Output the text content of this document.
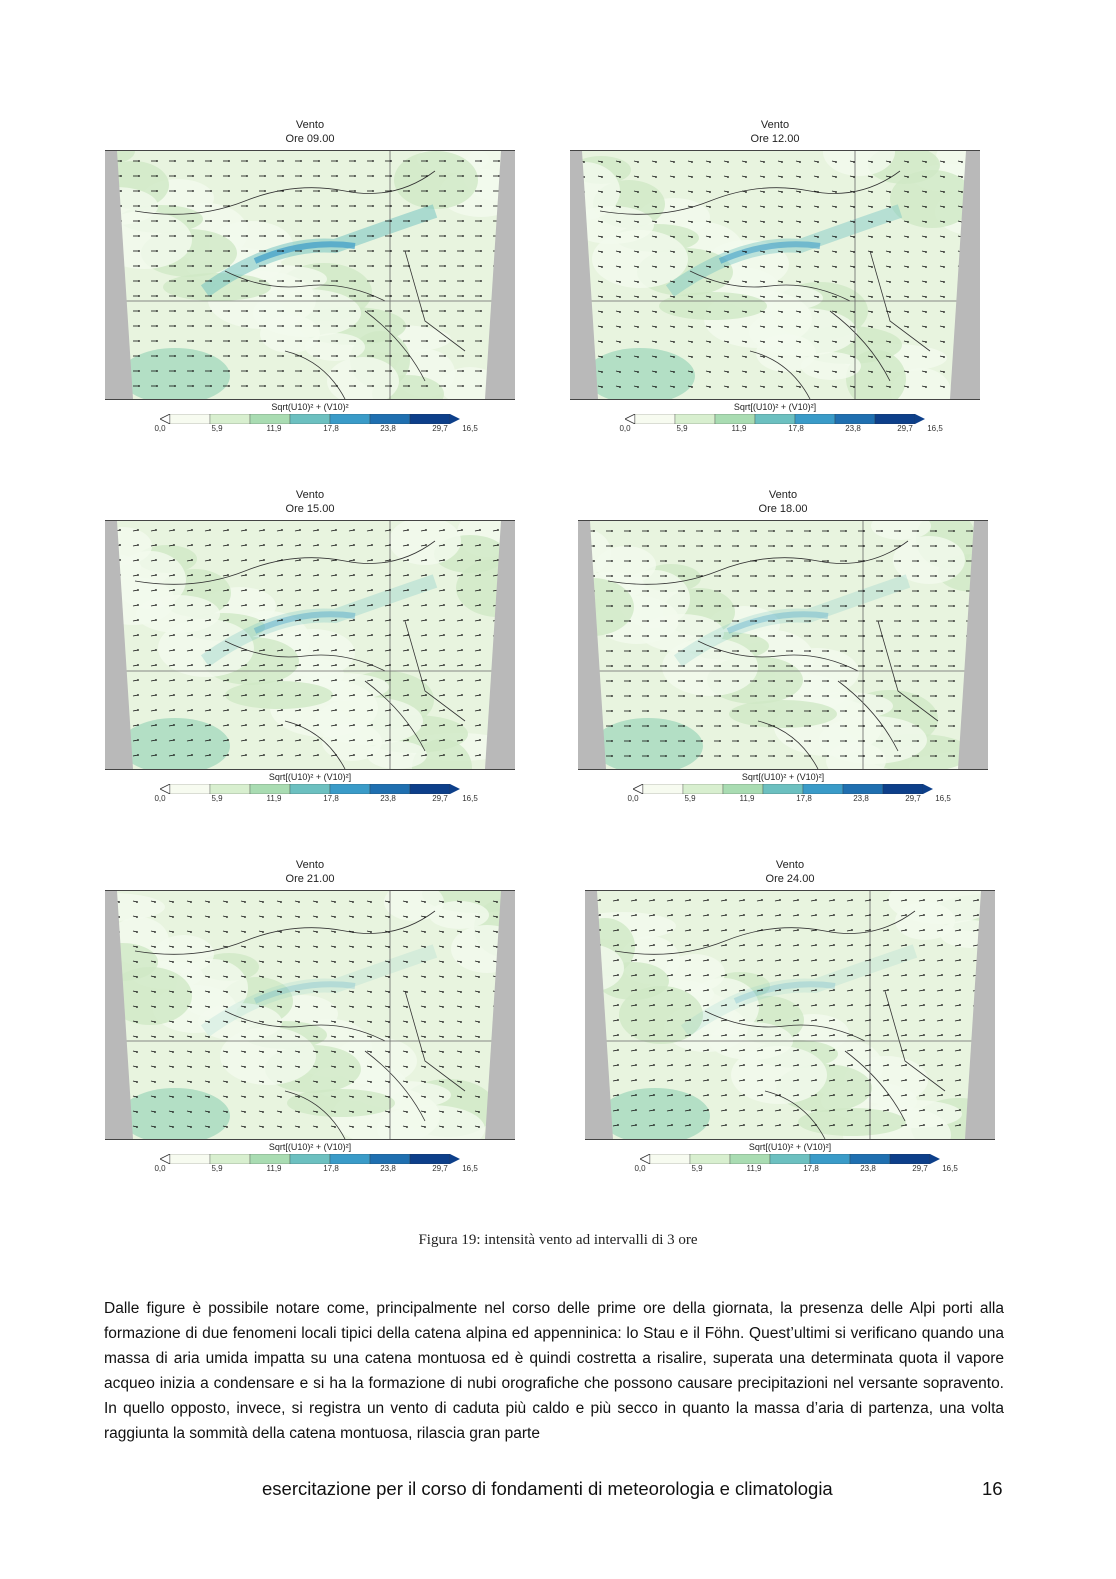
Vento
Ore 09.00
Sqrt(U10)² + (V10)²
0,0	5,9	11,9	17,8	23,8	29,7 16,5
Vento
Ore 12.00
Sqrt[(U10)² + (V10)²]
0,0	5,9	11,9	17,8	23,8	29,7 16,5
Vento
Ore 15.00
Sqrt[(U10)² + (V10)²]
0,0	5,9	11,9	17,8	23,8	29,7 16,5
Vento
Ore 18.00
Sqrt[(U10)² + (V10)²]
0,0	5,9	11,9	17,8	23,8	29,7 16,5
Vento
Ore 21.00
Sqrt[(U10)² + (V10)²]
0,0	5,9	11,9	17,8	23,8	29,7 16,5
Vento
Ore 24.00
Sqrt[(U10)² + (V10)²]
0,0	5,9	11,9	17,8	23,8	29,7 16,5
Figura 19: intensità vento ad intervalli di 3 ore
Dalle figure è possibile notare come, principalmente nel corso delle prime ore della giornata, la presenza delle Alpi porti alla formazione di due fenomeni locali tipici della catena alpina ed appenninica: lo Stau e il Föhn. Quest’ultimi si verificano quando una massa di aria umida impatta su una catena montuosa ed è quindi costretta a risalire, superata una determinata quota il vapore acqueo inizia a condensare e si ha la formazione di nubi orografiche che possono causare precipitazioni nel versante sopravento. In quello opposto, invece, si registra un vento di caduta più caldo e più secco in quanto la massa d’aria di partenza, una volta raggiunta la sommità della catena montuosa, rilascia gran parte
esercitazione per il corso di fondamenti di meteorologia e climatologia	16
